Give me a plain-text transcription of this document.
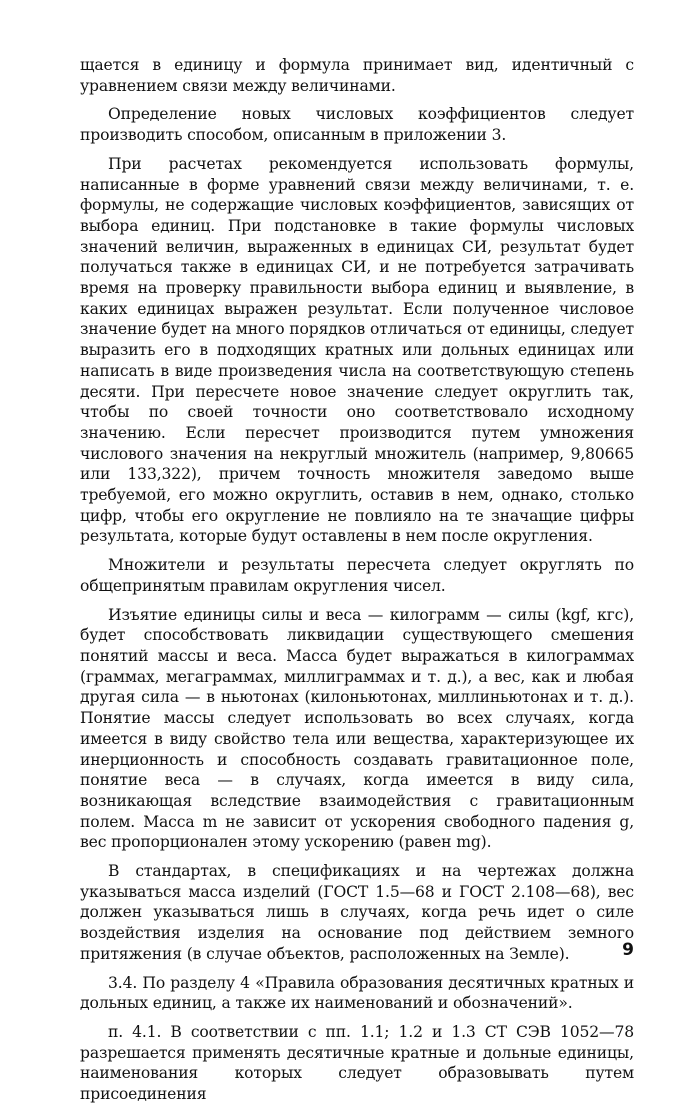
щается в единицу и формула принимает вид, идентичный с уравнением связи между величинами.

Определение новых числовых коэффициентов следует производить способом, описанным в приложении 3.

При расчетах рекомендуется использовать формулы, написанные в форме уравнений связи между величинами, т. е. формулы, не содержащие числовых коэффициентов, зависящих от выбора единиц. При подстановке в такие формулы числовых значений величин, выраженных в единицах СИ, результат будет получаться также в единицах СИ, и не потребуется затрачивать время на проверку правильности выбора единиц и выявление, в каких единицах выражен результат. Если полученное числовое значение будет на много порядков отличаться от единицы, следует выразить его в подходящих кратных или дольных единицах или написать в виде произведения числа на соответствующую степень десяти. При пересчете новое значение следует округлить так, чтобы по своей точности оно соответствовало исходному значению. Если пересчет производится путем умножения числового значения на некруглый множитель (например, 9,80665 или 133,322), причем точность множителя заведомо выше требуемой, его можно округлить, оставив в нем, однако, столько цифр, чтобы его округление не повлияло на те значащие цифры результата, которые будут оставлены в нем после округления.

Множители и результаты пересчета следует округлять по общепринятым правилам округления чисел.

Изъятие единицы силы и веса — килограмм — силы (kgf, кгс), будет способствовать ликвидации существующего смешения понятий массы и веса. Масса будет выражаться в килограммах (граммах, мегаграммах, миллиграммах и т. д.), а вес, как и любая другая сила — в ньютонах (килоньютонах, миллиньютонах и т. д.). Понятие массы следует использовать во всех случаях, когда имеется в виду свойство тела или вещества, характеризующее их инерционность и способность создавать гравитационное поле, понятие веса — в случаях, когда имеется в виду сила, возникающая вследствие взаимодействия с гравитационным полем. Масса m не зависит от ускорения свободного падения g, вес пропорционален этому ускорению (равен mg).

В стандартах, в спецификациях и на чертежах должна указываться масса изделий (ГОСТ 1.5—68 и ГОСТ 2.108—68), вес должен указываться лишь в случаях, когда речь идет о силе воздействия изделия на основание под действием земного притяжения (в случае объектов, расположенных на Земле).

3.4. По разделу 4 «Правила образования десятичных кратных и дольных единиц, а также их наименований и обозначений».

п. 4.1. В соответствии с пп. 1.1; 1.2 и 1.3 СТ СЭВ 1052—78 разрешается применять десятичные кратные и дольные единицы, наименования которых следует образовывать путем присоединения

9
